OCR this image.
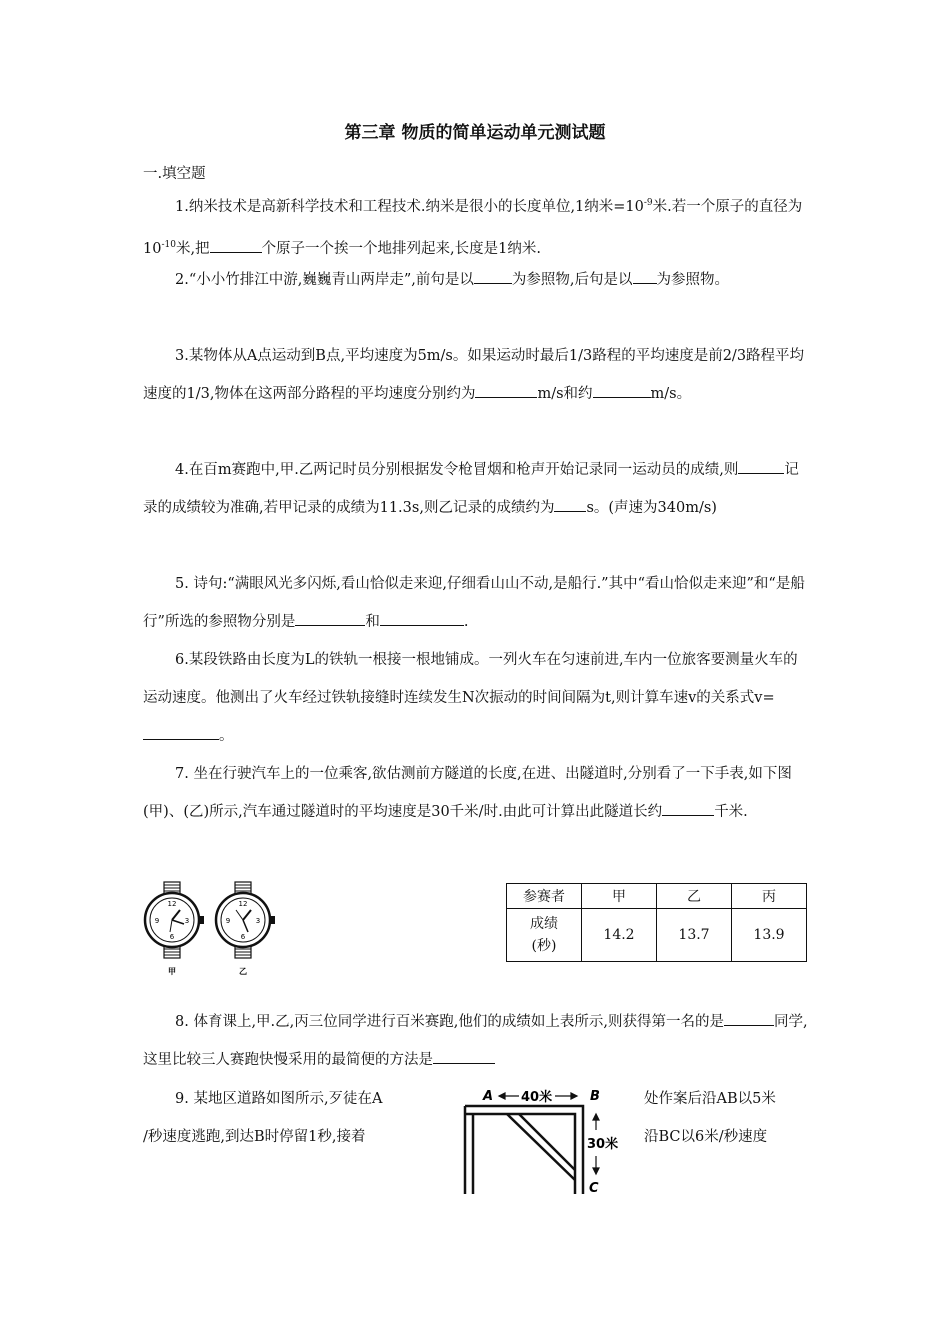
第三章 物质的简单运动单元测试题
一.填空题
1.纳米技术是高新科学技术和工程技术.纳米是很小的长度单位,1纳米$=10^{-9}$米.若一个原子的直径为$10^{-10}$米,把	个原子一个挨一个地排列起来,长度是1纳米.
2.“小小竹排江中游,巍巍青山两岸走”,前句是以	为参照物,后句是以 为参照物。
3.某物体从A点运动到B点,平均速度为5m/s。如果运动时最后1/3路程的平均速度是前2/3路程平均速度的1/3,物体在这两部分路程的平均速度分别约为	m/s和约	m/s。
4.在百m赛跑中,甲.乙两记时员分别根据发令枪冒烟和枪声开始记录同一运动员的成绩,则	记录的成绩较为准确,若甲记录的成绩为11.3s,则乙记录的成绩约为 s。(声速为340m/s)
5. 诗句:“满眼风光多闪烁,看山恰似走来迎,仔细看山山不动,是船行.”其中“看山恰似走来迎”和“是船行”所选的参照物分别是	和	.
6.某段铁路由长度为L的铁轨一根接一根地铺成。一列火车在匀速前进,车内一位旅客要测量火车的运动速度。他测出了火车经过铁轨接缝时连续发生N次振动的时间间隔为t,则计算车速v的关系式v=。
7. 坐在行驶汽车上的一位乘客,欲估测前方隧道的长度,在进、出隧道时,分别看了一下手表,如下图(甲)、(乙)所示,汽车通过隧道时的平均速度是30千米/时.由此可计算出此隧道长约	千米.
12
3
6
9
甲
12
3
6
9
乙
参赛者	甲	乙	丙
成绩
(秒)	14.2	13.7	13.9
8. 体育课上,甲.乙,丙三位同学进行百米赛跑,他们的成绩如上表所示,则获得第一名的是	同学,这里比较三人赛跑快慢采用的最简便的方法是
9. 某地区道路如图所示,歹徒在A
/秒速度逃跑,到达B时停留1秒,接着
处作案后沿AB以5米
沿BC以6米/秒速度
A 40米	B
30米
C
